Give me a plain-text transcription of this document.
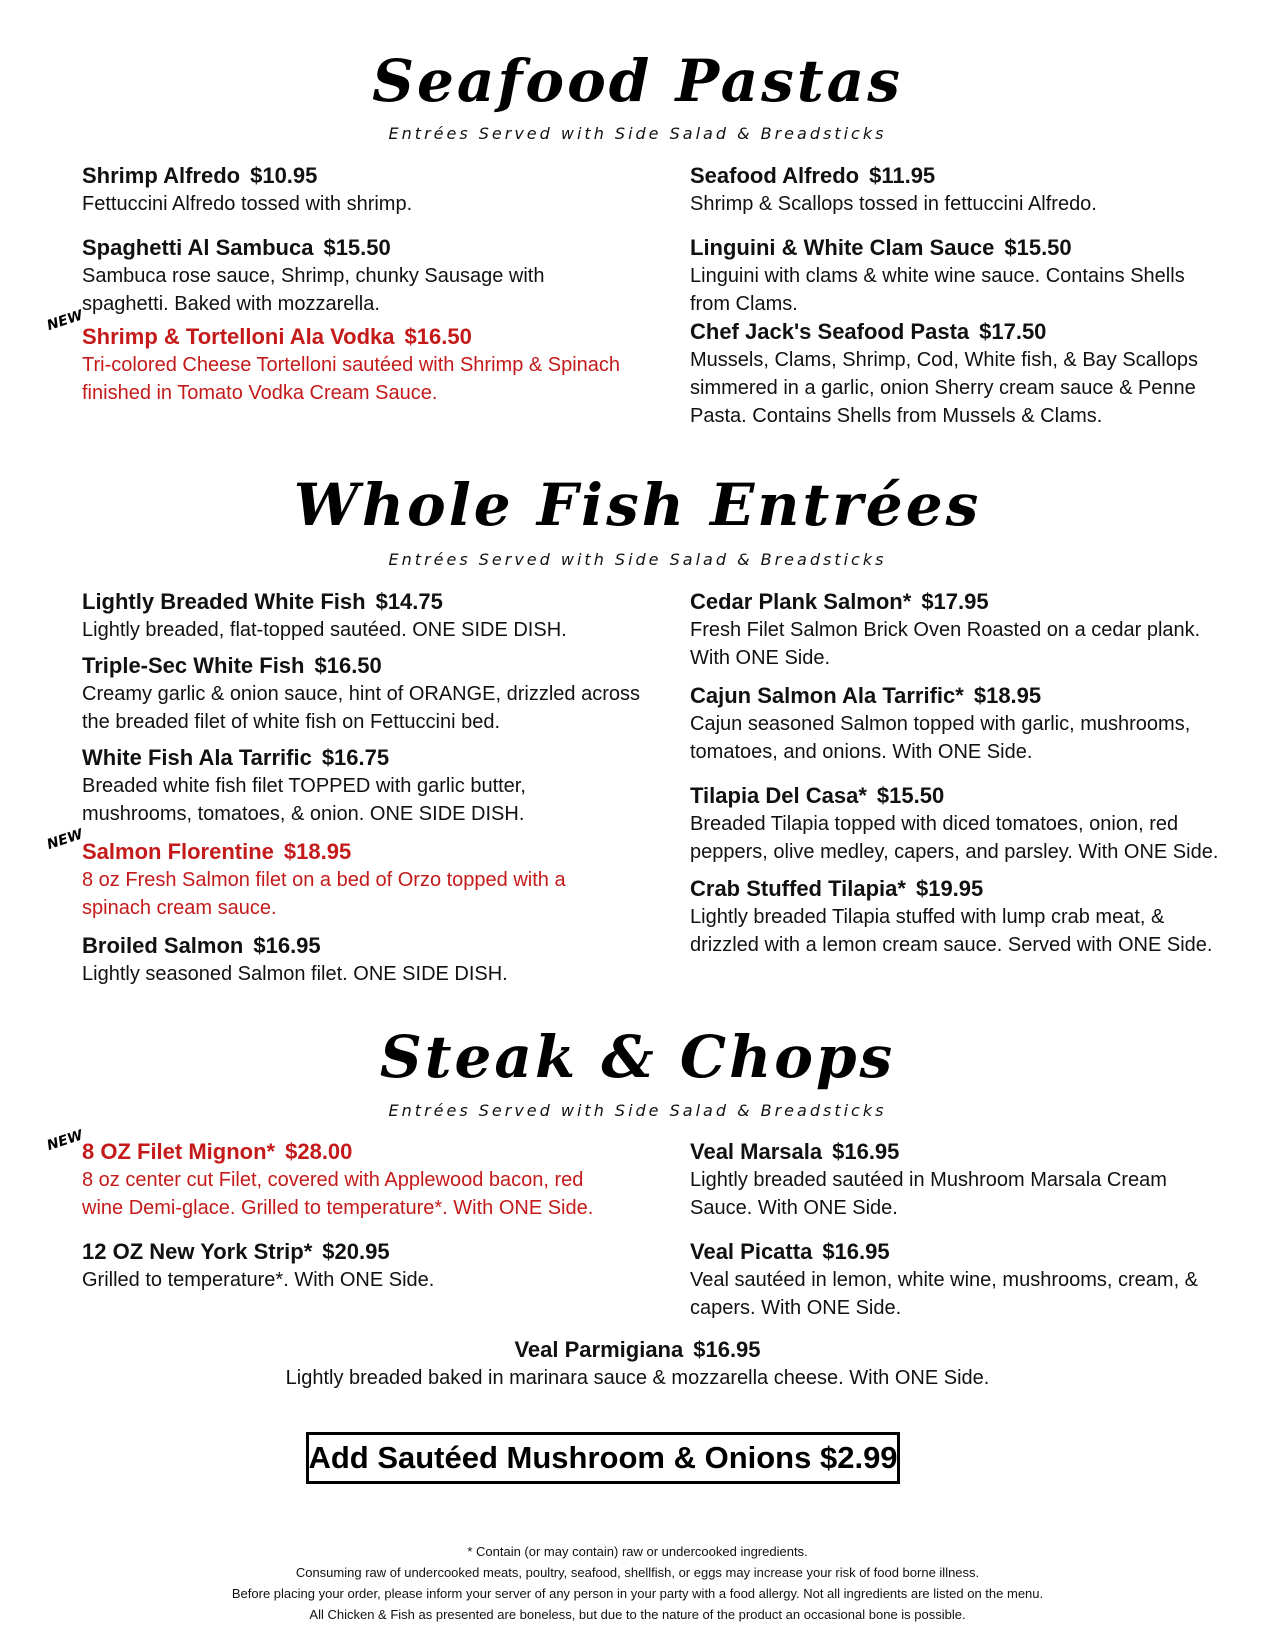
Seafood Pastas

Entrées Served with Side Salad & Breadsticks

Shrimp Alfredo $10.95
Fettuccini Alfredo tossed with shrimp.
Spaghetti Al Sambuca $15.50
Sambuca rose sauce, Shrimp, chunky Sausage with spaghetti. Baked with mozzarella.
NEW
Shrimp & Tortelloni Ala Vodka $16.50
Tri-colored Cheese Tortelloni sautéed with Shrimp & Spinach finished in Tomato Vodka Cream Sauce.
Seafood Alfredo $11.95
Shrimp & Scallops tossed in fettuccini Alfredo.
Linguini & White Clam Sauce $15.50
Linguini with clams & white wine sauce. Contains Shells from Clams.
Chef Jack's Seafood Pasta $17.50
Mussels, Clams, Shrimp, Cod, White fish, & Bay Scallops simmered in a garlic, onion Sherry cream sauce & Penne Pasta. Contains Shells from Mussels & Clams.
Whole Fish Entrées

Entrées Served with Side Salad & Breadsticks

Lightly Breaded White Fish $14.75
Lightly breaded, flat-topped sautéed. ONE SIDE DISH.
Triple-Sec White Fish $16.50
Creamy garlic & onion sauce, hint of ORANGE, drizzled across the breaded filet of white fish on Fettuccini bed.
White Fish Ala Tarrific $16.75
Breaded white fish filet TOPPED with garlic butter, mushrooms, tomatoes, & onion. ONE SIDE DISH.
NEW
Salmon Florentine $18.95
8 oz Fresh Salmon filet on a bed of Orzo topped with a spinach cream sauce.
Broiled Salmon $16.95
Lightly seasoned Salmon filet. ONE SIDE DISH.
Cedar Plank Salmon* $17.95
Fresh Filet Salmon Brick Oven Roasted on a cedar plank. With ONE Side.
Cajun Salmon Ala Tarrific* $18.95
Cajun seasoned Salmon topped with garlic, mushrooms, tomatoes, and onions. With ONE Side.
Tilapia Del Casa* $15.50
Breaded Tilapia topped with diced tomatoes, onion, red peppers, olive medley, capers, and parsley. With ONE Side.
Crab Stuffed Tilapia* $19.95
Lightly breaded Tilapia stuffed with lump crab meat, & drizzled with a lemon cream sauce. Served with ONE Side.
Steak & Chops

Entrées Served with Side Salad & Breadsticks

NEW
8 OZ Filet Mignon* $28.00
8 oz center cut Filet, covered with Applewood bacon, red wine Demi-glace. Grilled to temperature*. With ONE Side.
12 OZ New York Strip* $20.95
Grilled to temperature*. With ONE Side.
Veal Marsala $16.95
Lightly breaded sautéed in Mushroom Marsala Cream Sauce. With ONE Side.
Veal Picatta $16.95
Veal sautéed in lemon, white wine, mushrooms, cream, & capers. With ONE Side.
Veal Parmigiana $16.95
Lightly breaded baked in marinara sauce & mozzarella cheese. With ONE Side.
Add Sautéed Mushroom & Onions $2.99
* Contain (or may contain) raw or undercooked ingredients.
Consuming raw of undercooked meats, poultry, seafood, shellfish, or eggs may increase your risk of food borne illness.
Before placing your order, please inform your server of any person in your party with a food allergy. Not all ingredients are listed on the menu.
All Chicken & Fish as presented are boneless, but due to the nature of the product an occasional bone is possible.
